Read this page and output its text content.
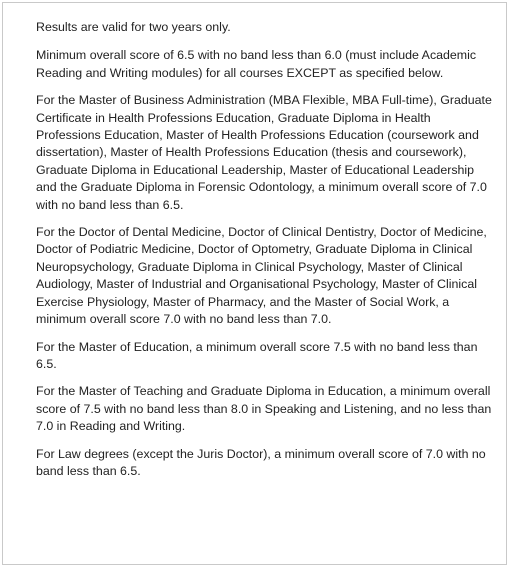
Results are valid for two years only.

Minimum overall score of 6.5 with no band less than 6.0 (must include Academic Reading and Writing modules) for all courses EXCEPT as specified below.

For the Master of Business Administration (MBA Flexible, MBA Full-time), Graduate Certificate in Health Professions Education, Graduate Diploma in Health Professions Education, Master of Health Professions Education (coursework and dissertation), Master of Health Professions Education (thesis and coursework), Graduate Diploma in Educational Leadership, Master of Educational Leadership and the Graduate Diploma in Forensic Odontology, a minimum overall score of 7.0 with no band less than 6.5.

For the Doctor of Dental Medicine, Doctor of Clinical Dentistry, Doctor of Medicine, Doctor of Podiatric Medicine, Doctor of Optometry, Graduate Diploma in Clinical Neuropsychology, Graduate Diploma in Clinical Psychology, Master of Clinical Audiology, Master of Industrial and Organisational Psychology, Master of Clinical Exercise Physiology, Master of Pharmacy, and the Master of Social Work, a minimum overall score 7.0 with no band less than 7.0.

For the Master of Education, a minimum overall score 7.5 with no band less than 6.5.

For the Master of Teaching and Graduate Diploma in Education, a minimum overall score of 7.5 with no band less than 8.0 in Speaking and Listening, and no less than 7.0 in Reading and Writing.

For Law degrees (except the Juris Doctor), a minimum overall score of 7.0 with no band less than 6.5.
